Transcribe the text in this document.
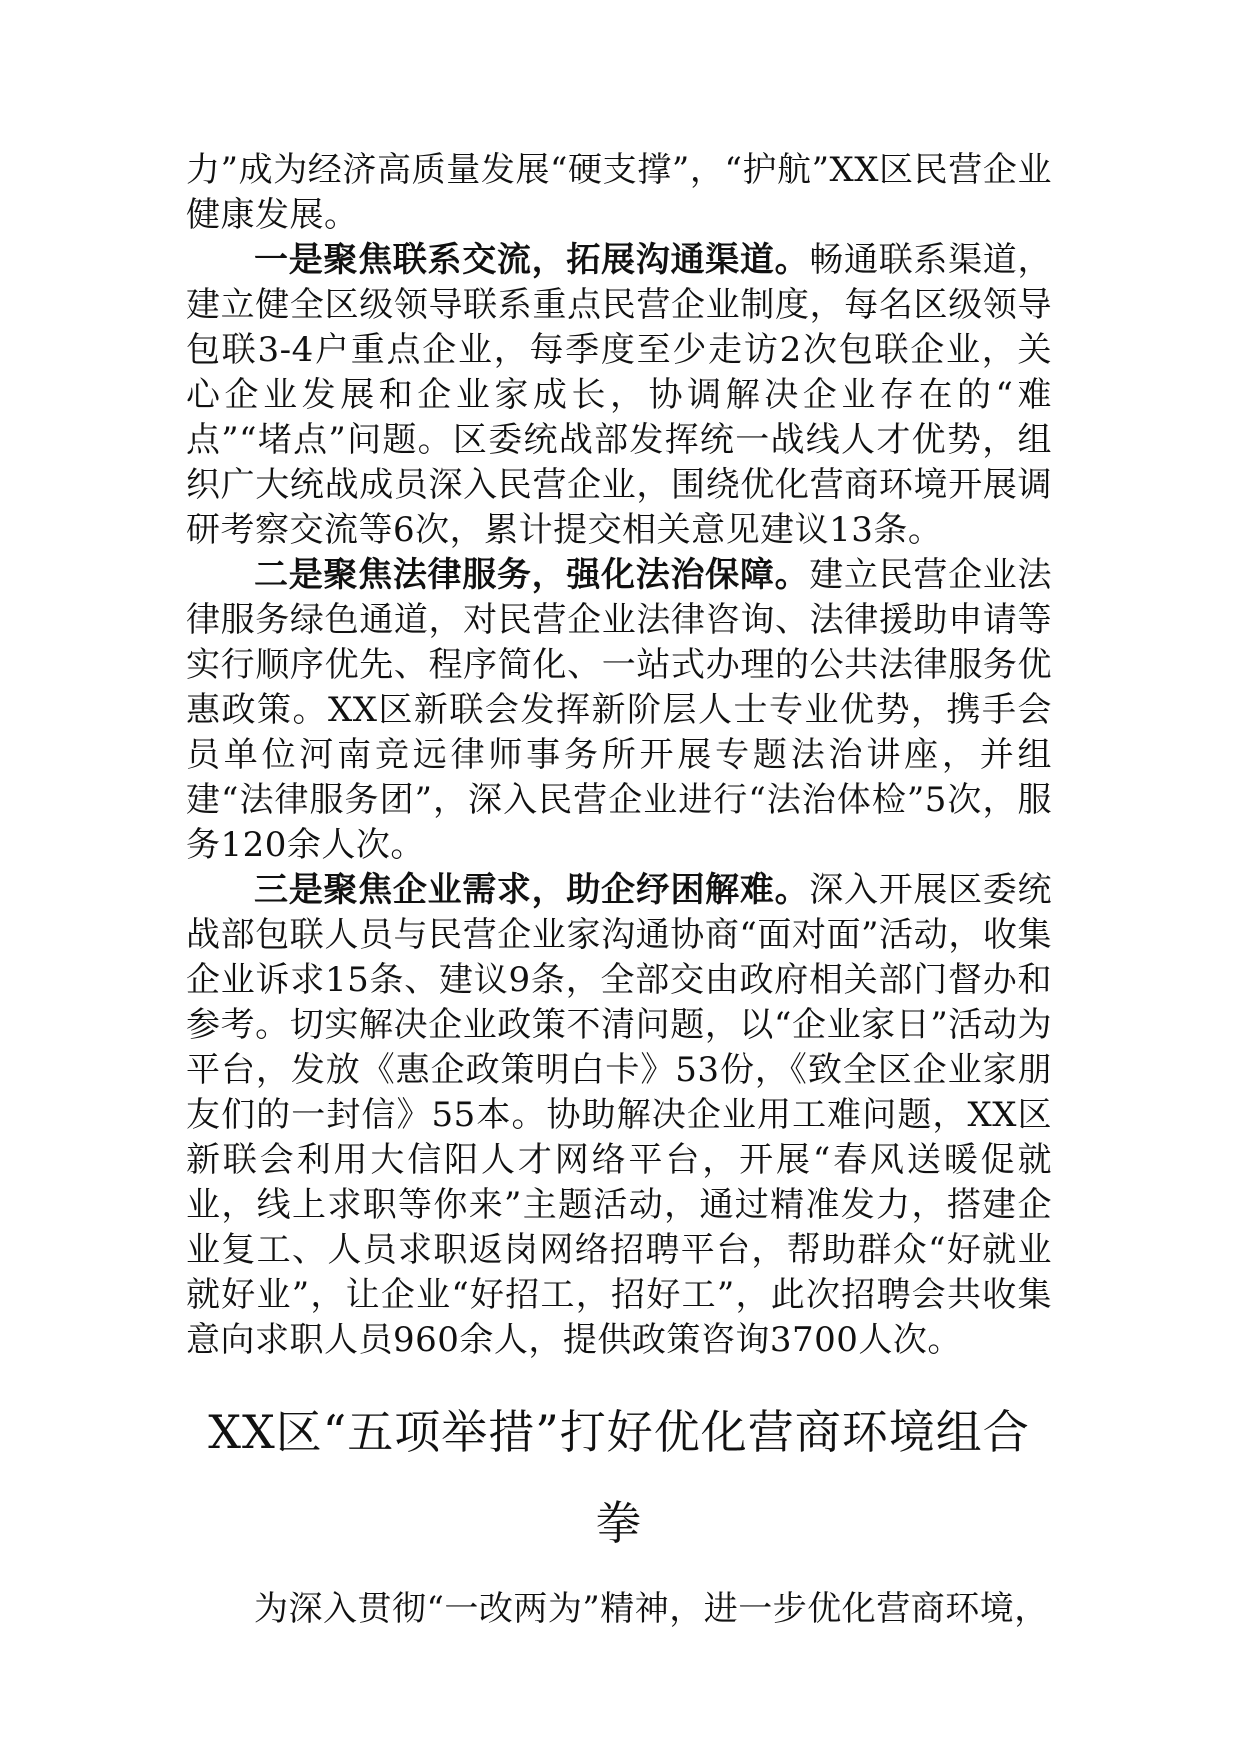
力”成为经济高质量发展“硬支撑”，“护航”XX区民营企业健康发展。

一是聚焦联系交流，拓展沟通渠道。畅通联系渠道，建立健全区级领导联系重点民营企业制度，每名区级领导包联3-4户重点企业，每季度至少走访2次包联企业，关心企业发展和企业家成长，协调解决企业存在的“难点”“堵点”问题。区委统战部发挥统一战线人才优势，组织广大统战成员深入民营企业，围绕优化营商环境开展调研考察交流等6次，累计提交相关意见建议13条。

二是聚焦法律服务，强化法治保障。建立民营企业法律服务绿色通道，对民营企业法律咨询、法律援助申请等实行顺序优先、程序简化、一站式办理的公共法律服务优惠政策。XX区新联会发挥新阶层人士专业优势，携手会员单位河南竞远律师事务所开展专题法治讲座，并组建“法律服务团”，深入民营企业进行“法治体检”5次，服务120余人次。

三是聚焦企业需求，助企纾困解难。深入开展区委统战部包联人员与民营企业家沟通协商“面对面”活动，收集企业诉求15条、建议9条，全部交由政府相关部门督办和参考。切实解决企业政策不清问题，以“企业家日”活动为平台，发放《惠企政策明白卡》53份，《致全区企业家朋友们的一封信》55本。协助解决企业用工难问题，XX区新联会利用大信阳人才网络平台，开展“春风送暖促就业，线上求职等你来”主题活动，通过精准发力，搭建企业复工、人员求职返岗网络招聘平台，帮助群众“好就业就好业”，让企业“好招工，招好工”，此次招聘会共收集意向求职人员960余人，提供政策咨询3700人次。

XX区“五项举措”打好优化营商环境组合
拳

为深入贯彻“一改两为”精神，进一步优化营商环境，
